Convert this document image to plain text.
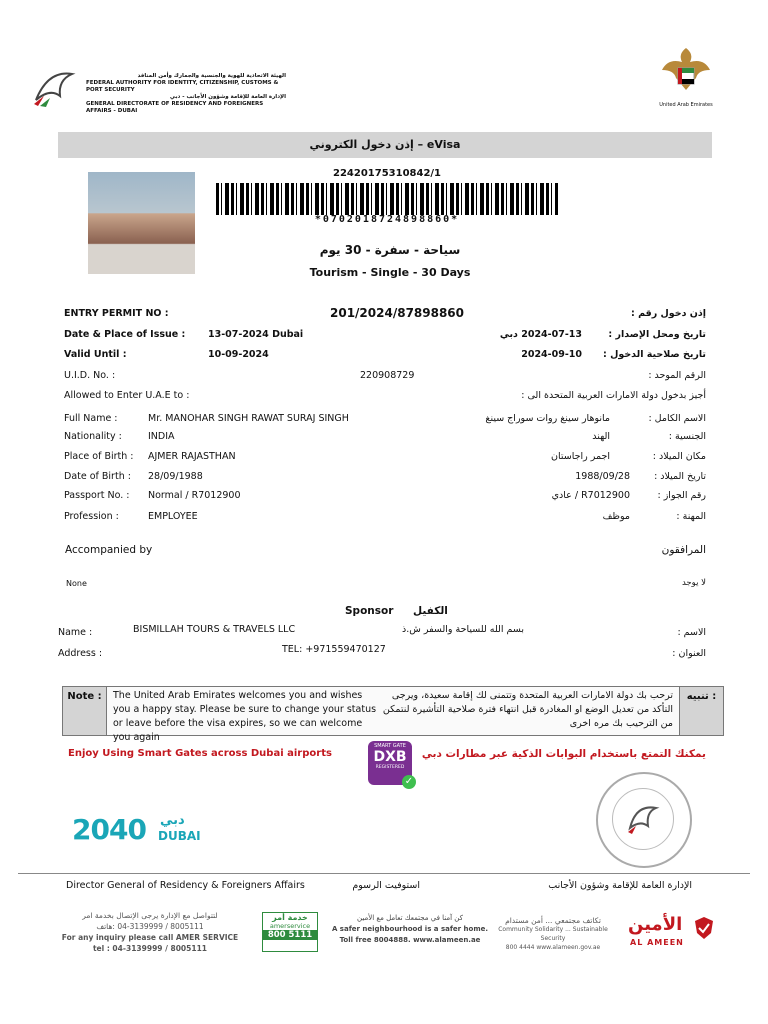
الهيئة الاتحادية للهوية والجنسية والجمارك وأمن المنافذ
FEDERAL AUTHORITY FOR IDENTITY, CITIZENSHIP, CUSTOMS & PORT SECURITY
الإدارة العامة للإقامة وشؤون الأجانب - دبي
GENERAL DIRECTORATE OF RESIDENCY AND FOREIGNERS AFFAIRS - DUBAI
United Arab Emirates
إذن دخول الكتروني – eVisa
22420175310842/1
*0702018724898860*
سياحة - سفرة - 30 يوم
Tourism - Single - 30 Days
ENTRY PERMIT NO :	201/2024/87898860	إذن دخول رقم :
Date & Place of Issue : 13-07-2024 Dubai	2024-07-13 دبي	تاريخ ومحل الإصدار :
Valid Until :	10-09-2024	2024-09-10 تاريخ صلاحية الدخول :
U.I.D. No. :	220908729	الرقم الموحد :
Allowed to Enter U.A.E to :	أجيز بدخول دولة الامارات العربية المتحدة الى :
Full Name :	Mr. MANOHAR SINGH RAWAT SURAJ SINGH	مانوهار سينغ روات سوراج سينغ	الاسم الكامل :
Nationality :	INDIA	الهند	الجنسية :
Place of Birth : AJMER RAJASTHAN	اجمر راجاستان	مكان الميلاد :
Date of Birth : 28/09/1988	1988/09/28	تاريخ الميلاد :
Passport No. : Normal / R7012900	R7012900 / عادي	رقم الجواز :
Profession :	EMPLOYEE	موظف	المهنة :
Accompanied by	المرافقون
None	لا يوجد
Sponsor الكفيل
Name :	BISMILLAH TOURS & TRAVELS LLC	بسم الله للسياحة والسفر ش.ذ	الاسم :
Address :	TEL: +971559470127	العنوان :
Note :	The United Arab Emirates welcomes you and wishes you a happy stay. Please be sure to change your status or leave before the visa expires, so we can welcome you again
ترحب بك دولة الامارات العربية المتحدة وتتمنى لك إقامة سعيدة، ويرجى التأكد من تعديل الوضع او المغادرة قبل انتهاء فترة صلاحية التأشيرة لنتمكن من الترحيب بك مره اخرى
تنبيه :
Enjoy Using Smart Gates across Dubai airports
SMART GATE
DXB
REGISTERED
✓
يمكنك التمتع باستخدام البوابات الذكية عبر مطارات دبي
2040 دبي
DUBAI
Director General of Residency & Foreigners Affairs	استوفيت الرسوم	الإدارة العامة للإقامة وشؤون الأجانب
لتتواصل مع الإدارة يرجى الإتصال بخدمة امر
8005111 / 04-3139999 :هاتف
For any inquiry please call AMER SERVICE
tel : 04-3139999 / 8005111
خدمة أمر
amerservice
800 5111
كن آمنا في مجتمعك تعامل مع الأمين
A safer neighbourhood is a safer home.
Toll free 8004888. www.alameen.ae
تكاتف مجتمعي ... أمن مستدام
Community Solidarity ... Sustainable Security
800 4444 www.alameen.gov.ae
الأمين
AL AMEEN
